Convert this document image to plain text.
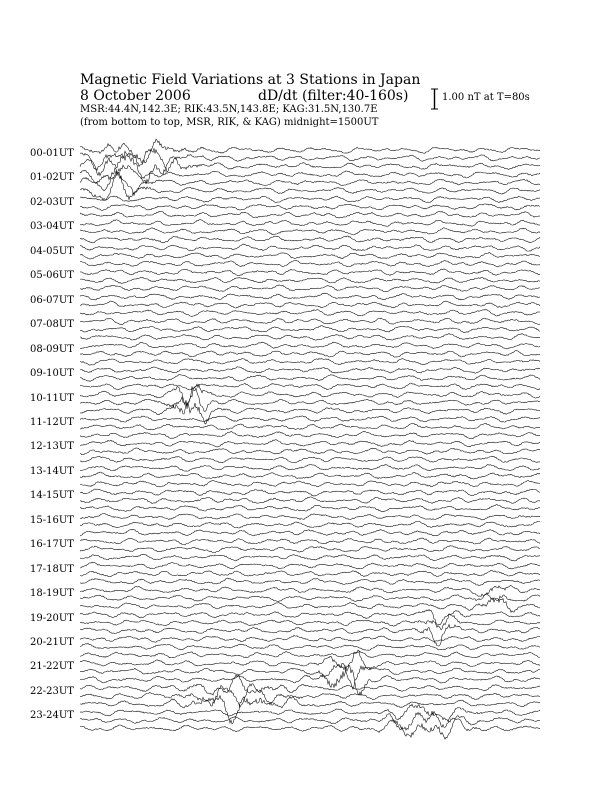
Magnetic Field Variations at 3 Stations in Japan
8 October 2006	dD/dt (filter:40-160s)
MSR:44.4N,142.3E; RIK:43.5N,143.8E; KAG:31.5N,130.7E
(from bottom to top, MSR, RIK, & KAG) midnight=1500UT
1.00 nT at T=80s
00-01UT
01-02UT
02-03UT
03-04UT
04-05UT
05-06UT
06-07UT
07-08UT
08-09UT
09-10UT
10-11UT
11-12UT
12-13UT
13-14UT
14-15UT
15-16UT
16-17UT
17-18UT
18-19UT
19-20UT
20-21UT
21-22UT
22-23UT
23-24UT
